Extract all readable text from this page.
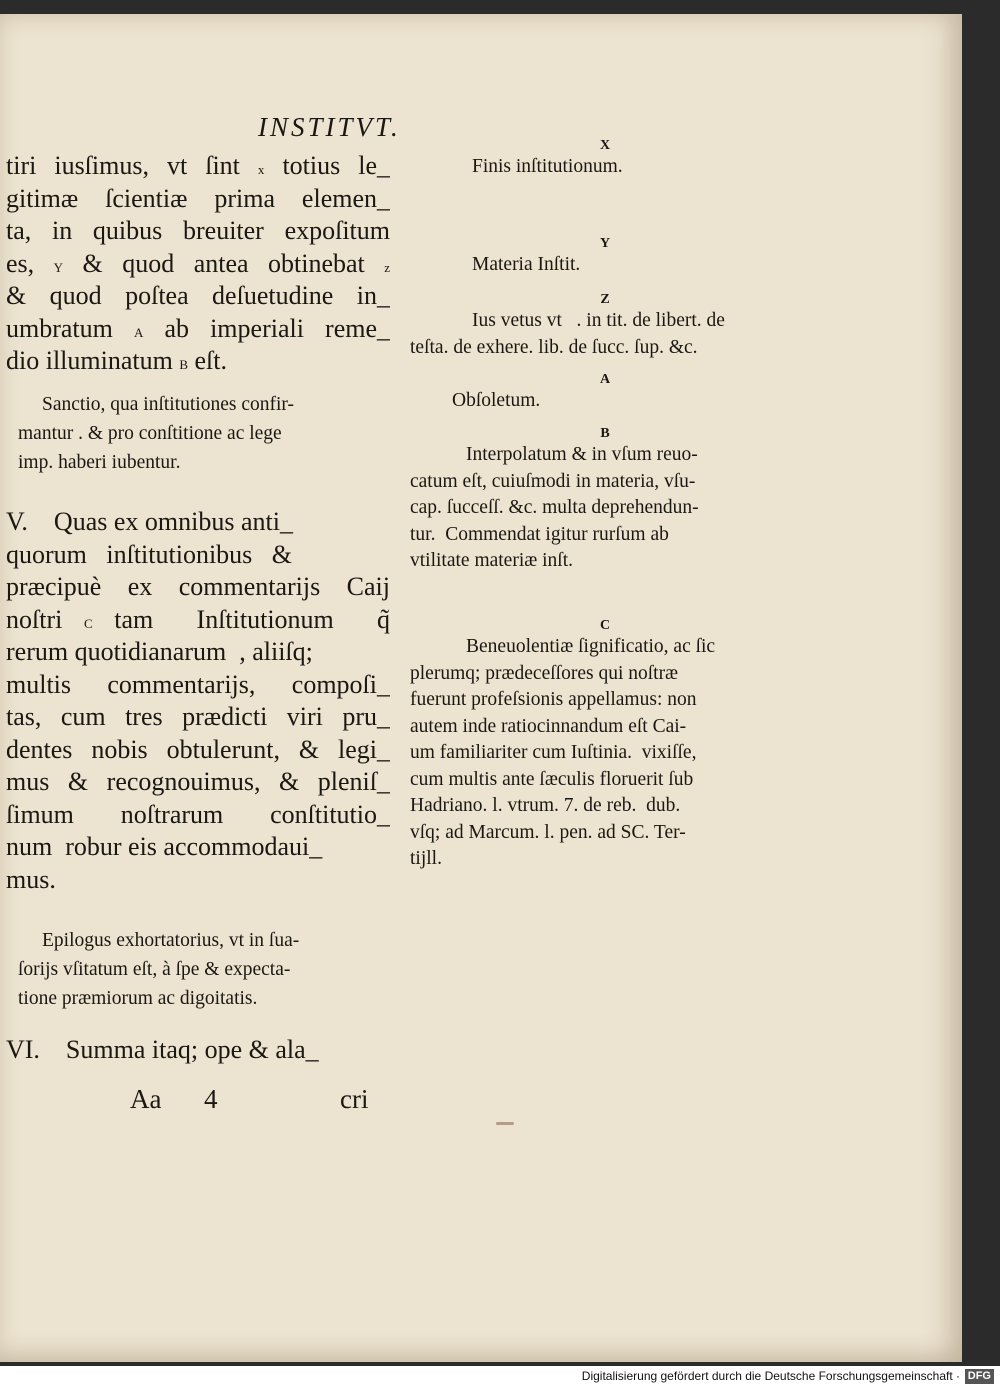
INSTITVT.
tiri iusſimus, vt ſint x totius le_
gitimæ ſcientiæ prima elemen_
ta, in quibus breuiter expoſitum
es, Y & quod antea obtinebat z
& quod poſtea deſuetudine in_
umbratum A ab imperiali reme_
dio illuminatum B eſt.
Sanctio, qua inſtitutiones confir-
mantur . & pro conſtitione ac lege
imp. haberi iubentur.
V.    Quas ex omnibus anti_
quorum   inſtitutionibus   &
præcipuè ex commentarijs Caij
noſtri C tam  Inſtitutionum  q̃
rerum quotidianarum  , aliiſq;
multis commentarijs, compoſi_
tas, cum tres prædicti viri pru_
dentes nobis obtulerunt, & legi_
mus & recognouimus, & pleniſ_
ſimum noſtrarum conſtitutio_
num  robur eis accommodaui_
mus.
Epilogus exhortatorius, vt in ſua-
ſorijs vſitatum eſt, à ſpe & expecta-
tione præmiorum ac digoitatis.
VI.    Summa itaq; ope & ala_
Aa 4	cri
X
Finis inſtitutionum.
Y
Materia Inſtit.
Z
Ius vetus vt   . in tit. de libert. de
teſta. de exhere. lib. de ſucc. ſup. &c.
A
Obſoletum.
B
Interpolatum & in vſum reuo-
catum eſt, cuiuſmodi in materia, vſu-
cap. ſucceſſ. &c. multa deprehendun-
tur.  Commendat igitur rurſum ab
vtilitate materiæ inſt.
C
Beneuolentiæ ſignificatio, ac ſic
plerumq; prædeceſſores qui noſtræ
fuerunt profeſsionis appellamus: non
autem inde ratiocinnandum eſt Cai-
um familiariter cum Iuſtinia.  vixiſſe,
cum multis ante ſæculis floruerit ſub
Hadriano. l. vtrum. 7. de reb.  dub.
vſq; ad Marcum. l. pen. ad SC. Ter-
tijll.
Digitalisierung gefördert durch die Deutsche Forschungsgemeinschaft · DFG
